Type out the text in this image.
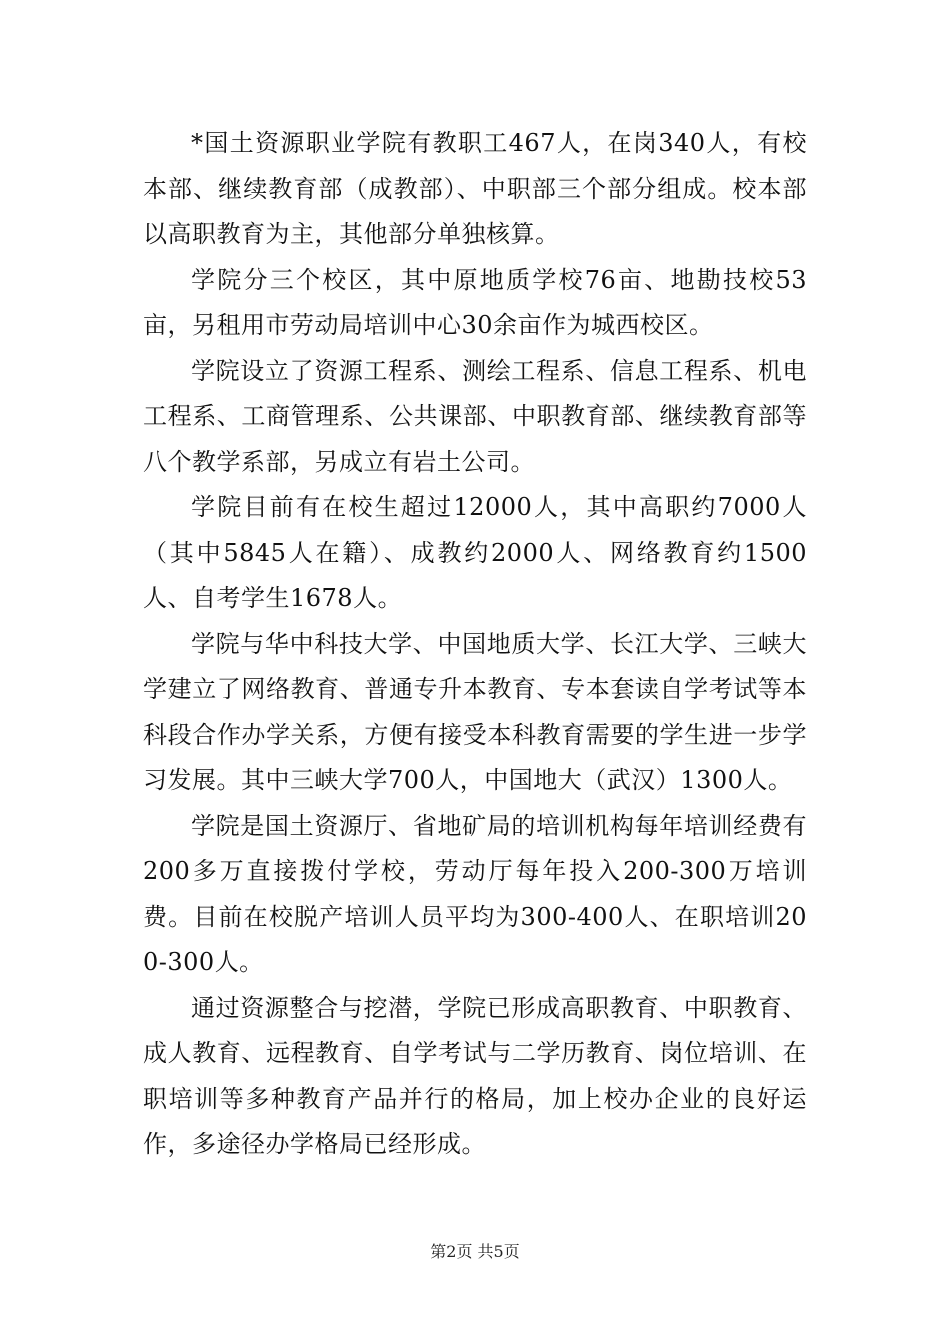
*国土资源职业学院有教职工467人，在岗340人，有校本部、继续教育部（成教部）、中职部三个部分组成。校本部以高职教育为主，其他部分单独核算。

学院分三个校区，其中原地质学校76亩、地勘技校53亩，另租用市劳动局培训中心30余亩作为城西校区。

学院设立了资源工程系、测绘工程系、信息工程系、机电工程系、工商管理系、公共课部、中职教育部、继续教育部等八个教学系部，另成立有岩土公司。

学院目前有在校生超过12000人，其中高职约7000人（其中5845人在籍）、成教约2000人、网络教育约1500人、自考学生1678人。

学院与华中科技大学、中国地质大学、长江大学、三峡大学建立了网络教育、普通专升本教育、专本套读自学考试等本科段合作办学关系，方便有接受本科教育需要的学生进一步学习发展。其中三峡大学700人，中国地大（武汉）1300人。

学院是国土资源厅、省地矿局的培训机构每年培训经费有200多万直接拨付学校，劳动厅每年投入200-300万培训费。目前在校脱产培训人员平均为300-400人、在职培训200-300人。

通过资源整合与挖潜，学院已形成高职教育、中职教育、成人教育、远程教育、自学考试与二学历教育、岗位培训、在职培训等多种教育产品并行的格局，加上校办企业的良好运作，多途径办学格局已经形成。

第2页 共5页
